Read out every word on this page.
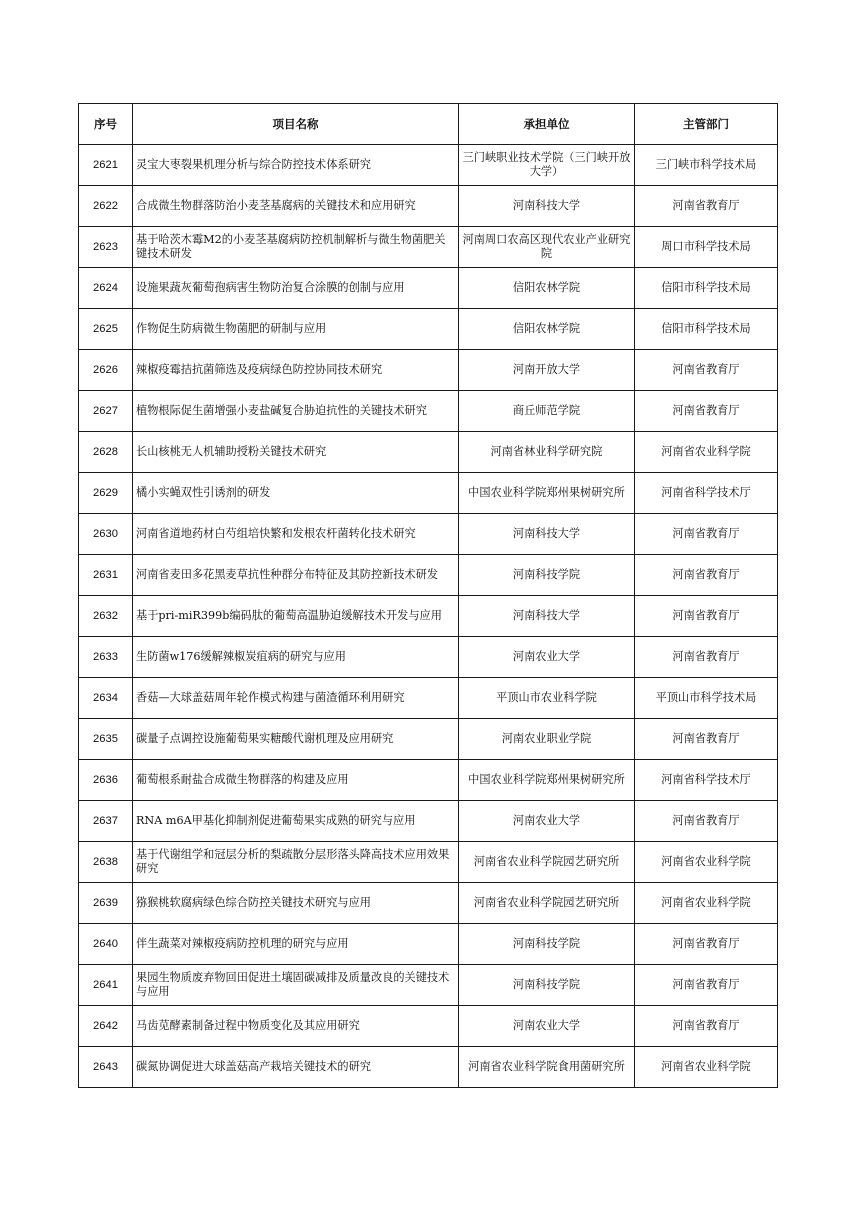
序号	项目名称	承担单位	主管部门
2621	灵宝大枣裂果机理分析与综合防控技术体系研究	三门峡职业技术学院（三门峡开放大学）	三门峡市科学技术局
2622	合成微生物群落防治小麦茎基腐病的关键技术和应用研究	河南科技大学	河南省教育厅
2623	基于哈茨木霉M2的小麦茎基腐病防控机制解析与微生物菌肥关键技术研发	河南周口农高区现代农业产业研究院	周口市科学技术局
2624	设施果蔬灰葡萄孢病害生物防治复合涂膜的创制与应用	信阳农林学院	信阳市科学技术局
2625	作物促生防病微生物菌肥的研制与应用	信阳农林学院	信阳市科学技术局
2626	辣椒疫霉拮抗菌筛选及疫病绿色防控协同技术研究	河南开放大学	河南省教育厅
2627	植物根际促生菌增强小麦盐碱复合胁迫抗性的关键技术研究	商丘师范学院	河南省教育厅
2628	长山核桃无人机辅助授粉关键技术研究	河南省林业科学研究院	河南省农业科学院
2629	橘小实蝇双性引诱剂的研发	中国农业科学院郑州果树研究所	河南省科学技术厅
2630	河南省道地药材白芍组培快繁和发根农杆菌转化技术研究	河南科技大学	河南省教育厅
2631	河南省麦田多花黑麦草抗性种群分布特征及其防控新技术研发	河南科技学院	河南省教育厅
2632	基于pri-miR399b编码肽的葡萄高温胁迫缓解技术开发与应用	河南科技大学	河南省教育厅
2633	生防菌w176缓解辣椒炭疽病的研究与应用	河南农业大学	河南省教育厅
2634	香菇—大球盖菇周年轮作模式构建与菌渣循环利用研究	平顶山市农业科学院	平顶山市科学技术局
2635	碳量子点调控设施葡萄果实糖酸代谢机理及应用研究	河南农业职业学院	河南省教育厅
2636	葡萄根系耐盐合成微生物群落的构建及应用	中国农业科学院郑州果树研究所	河南省科学技术厅
2637	RNA m6A甲基化抑制剂促进葡萄果实成熟的研究与应用	河南农业大学	河南省教育厅
2638	基于代谢组学和冠层分析的梨疏散分层形落头降高技术应用效果研究	河南省农业科学院园艺研究所	河南省农业科学院
2639	猕猴桃软腐病绿色综合防控关键技术研究与应用	河南省农业科学院园艺研究所	河南省农业科学院
2640	伴生蔬菜对辣椒疫病防控机理的研究与应用	河南科技学院	河南省教育厅
2641	果园生物质废弃物回田促进土壤固碳减排及质量改良的关键技术与应用	河南科技学院	河南省教育厅
2642	马齿苋酵素制备过程中物质变化及其应用研究	河南农业大学	河南省教育厅
2643	碳氮协调促进大球盖菇高产栽培关键技术的研究	河南省农业科学院食用菌研究所	河南省农业科学院
